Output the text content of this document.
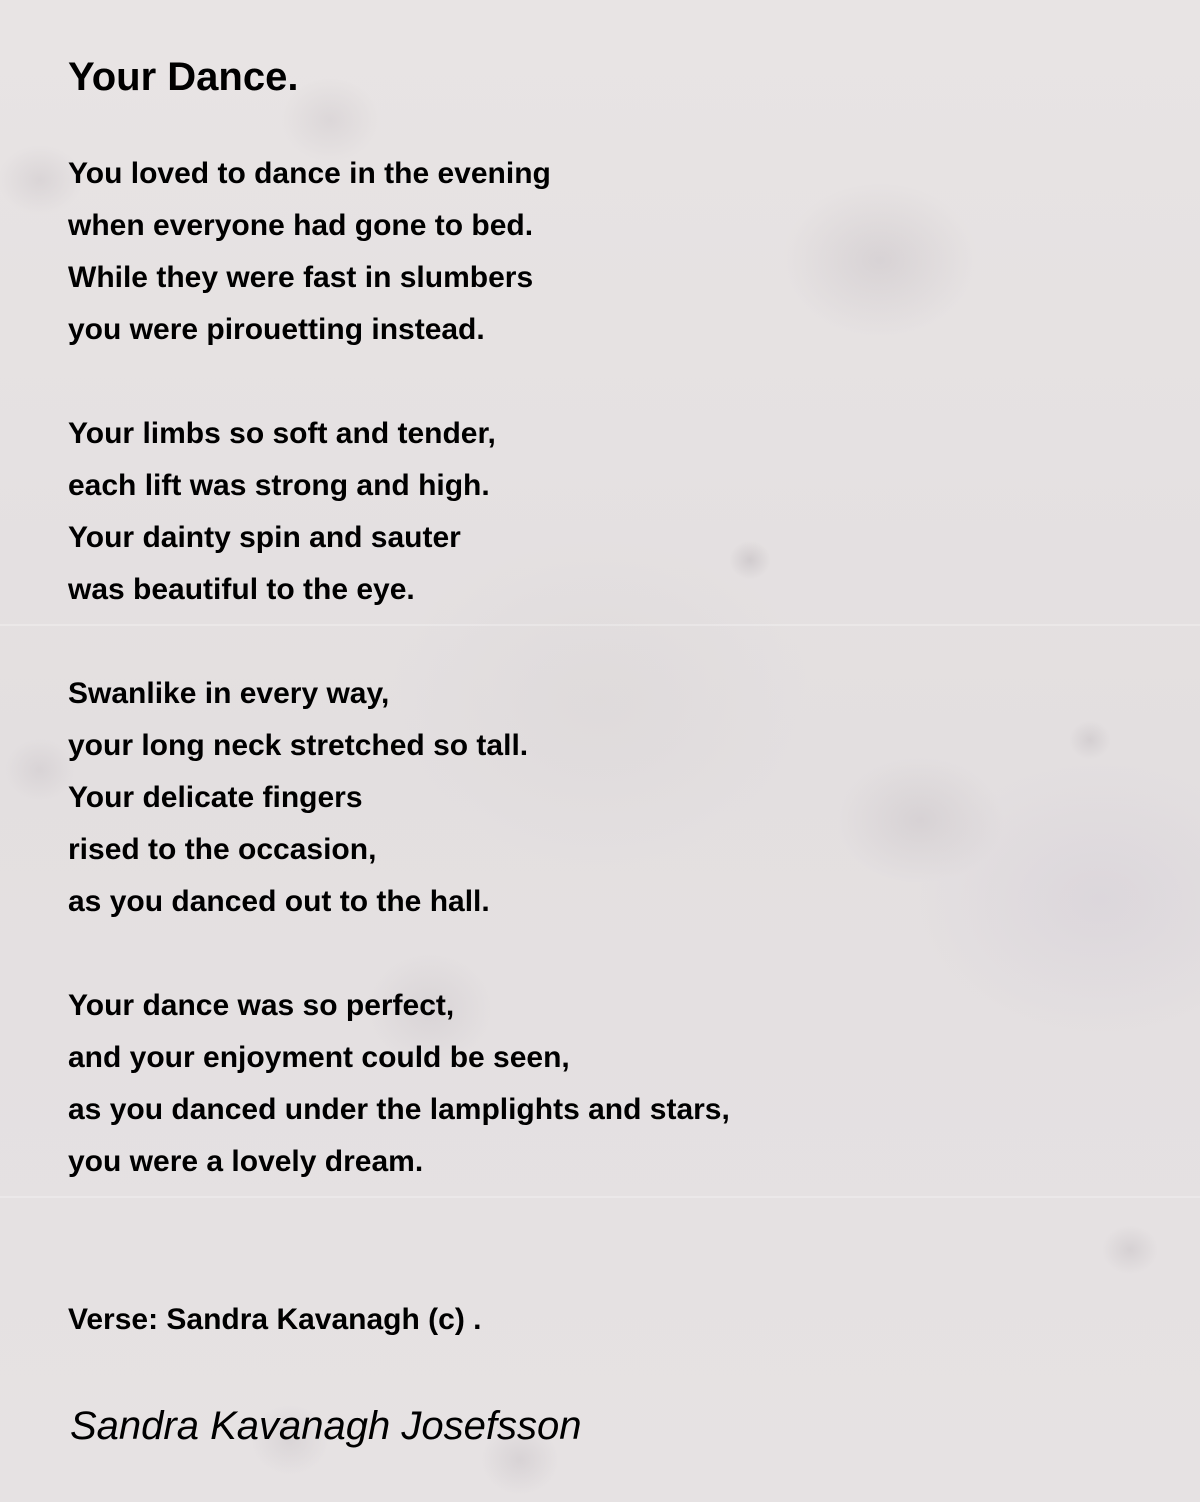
Your Dance.
You loved to dance in the evening
when everyone had gone to bed.
While they were fast in slumbers
you were pirouetting instead.
Your limbs so soft and tender,
each lift was strong and high.
Your dainty spin and sauter
was beautiful to the eye.
Swanlike in every way,
your long neck stretched so tall.
Your delicate fingers
rised to the occasion,
as you danced out to the hall.
Your dance was so perfect,
and your enjoyment could be seen,
as you danced under the lamplights and stars,
you were a lovely dream.
Verse: Sandra Kavanagh (c) .
Sandra Kavanagh Josefsson
